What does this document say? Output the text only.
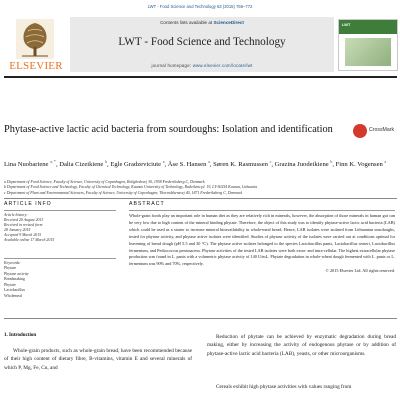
LWT - Food Science and Technology 63 (2015) 766–772
ELSEVIER
Contents lists available at ScienceDirect
LWT - Food Science and Technology
journal homepage: www.elsevier.com/locate/lwt
LWT
Phytase-active lactic acid bacteria from sourdoughs: Isolation and identification	CrossMark
Lina Nuobariene $^{a, *}$, Dalia Cizeikiene $^b$, Egle Gradzeviciute $^a$, Åse S. Hansen $^a$, Søren K. Rasmussen $^c$, Grazina Juodeikiene $^b$, Finn K. Vogensen $^a$
a Department of Food Science, Faculty of Science, University of Copenhagen, Rolighedsvej 30, 1958 Frederiksberg C, Denmark
b Department of Food Science and Technology, Faculty of Chemical Technology, Kaunas University of Technology, Radvilenu pl. 19, LT-50254 Kaunas, Lithuania
c Department of Plant and Environmental Sciences, Faculty of Science, University of Copenhagen, Thorvaldsensvej 40, 1871 Frederiksberg C, Denmark
ARTICLE INFO
Article history:
Received 26 August 2013
Received in revised form
28 January 2015
Accepted 9 March 2015
Available online 17 March 2015
Keywords:
Phytase
Phytase activity
Breadmaking
Phytate
Lactobacillus
Wholemeal
ABSTRACT
Whole-grain foods play an important role in human diet as they are relatively rich in minerals, however, the absorption of those minerals in human gut can be very low due to high content of the mineral binding phytate. Therefore, the object of this study was to identify phytase-active lactic acid bacteria (LAB) which could be used as a starter to increase mineral bioavailability in whole-meal bread. Hence, LAB isolates were isolated from Lithuanian sourdoughs, tested for phytase activity, and phytase active isolates were identified. Studies of phytase activity of the isolates were carried out at conditions optimal for leavening of bread dough (pH 5.5 and 30 °C). The phytase active isolates belonged to the species Lactobacillus panis, Lactobacillus reuteri, Lactobacillus fermentum, and Pediococcus pentosaceus. Phytase activities of the tested LAB isolates were both extra- and intra-cellular. The highest extracellular phytase production was found in L. panis with a volumetric phytase activity of 140 U/mL. Phytate degradation in whole-wheat dough fermented with L. panis or L. fermentum was 90% and 70%, respectively.
© 2015 Elsevier Ltd. All rights reserved.
1. Introduction
Whole-grain products, such as whole-grain bread, have been recommended because of their high content of dietary fibre, B-vitamins, vitamin E and several minerals of which P, Mg, Fe, Cu, and
Reduction of phytate can be achieved by enzymatic degradation during bread making, either by increasing the activity of endogenous phytase or by addition of phytase-active lactic acid bacteria (LAB), yeasts, or other microorganisms.
Cereals exhibit high phytase activities with values ranging from
